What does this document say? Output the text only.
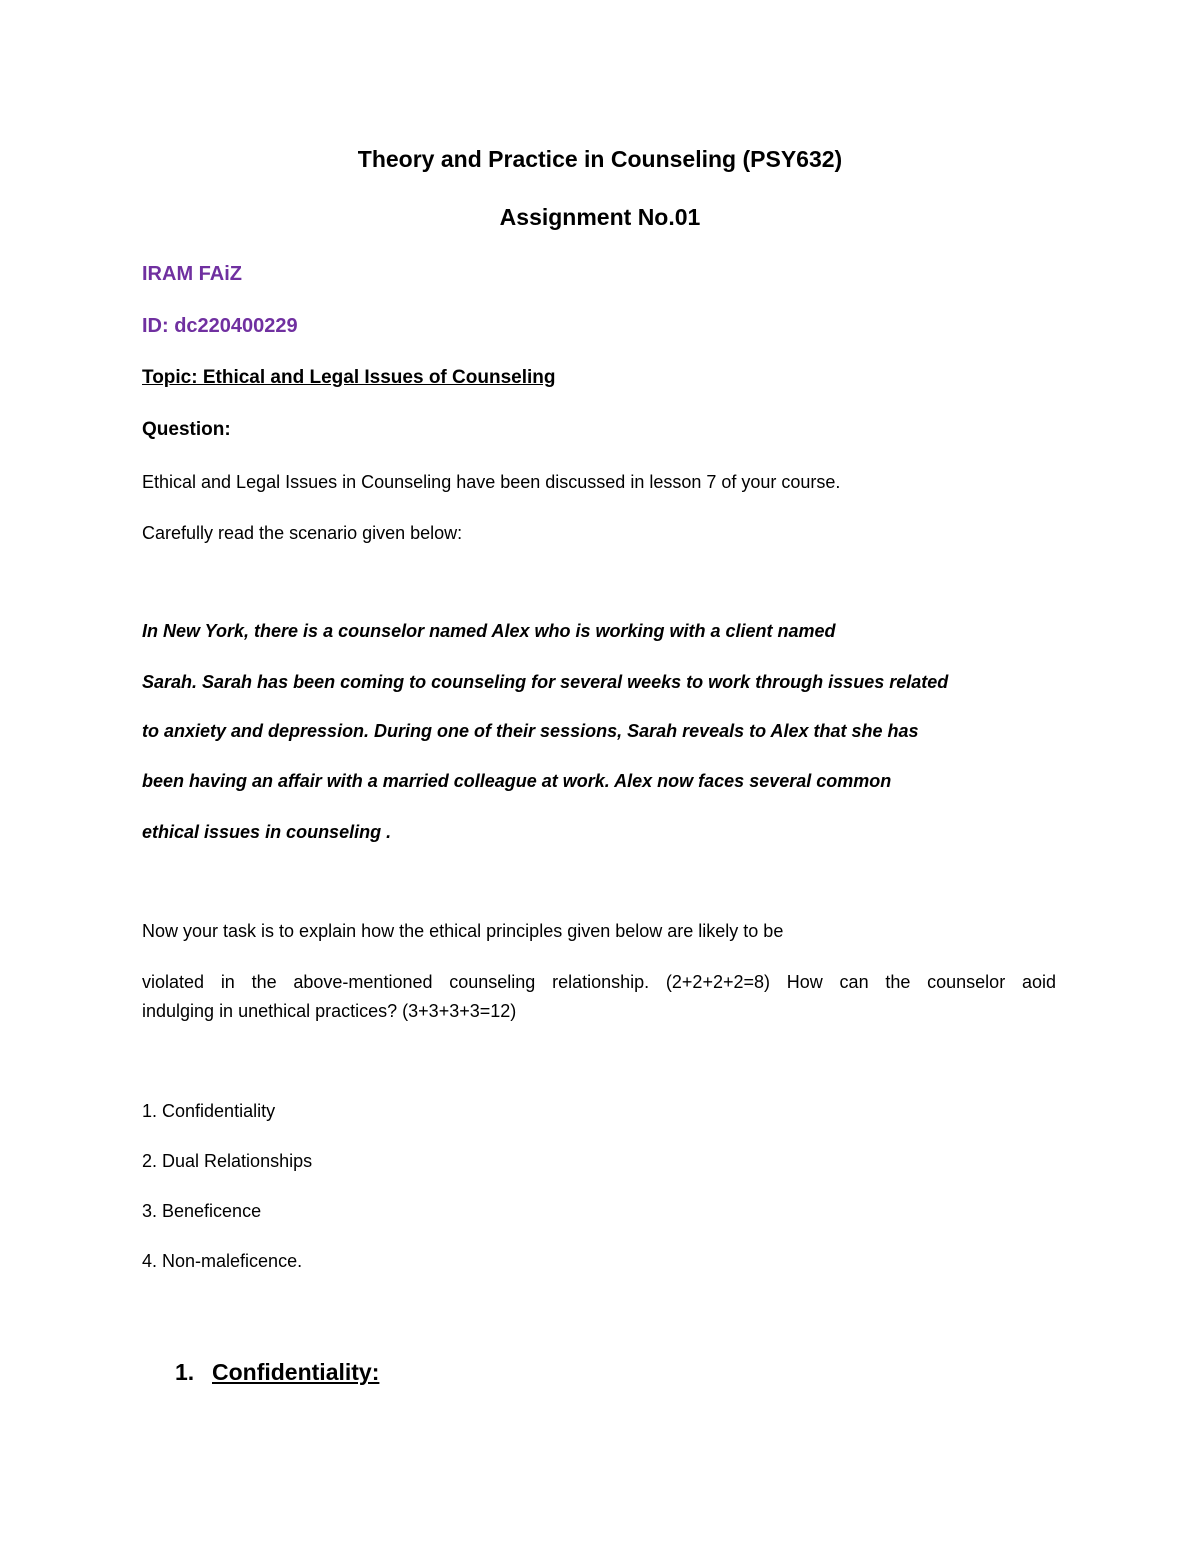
Theory and Practice in Counseling (PSY632)
Assignment No.01
IRAM FAiZ
ID: dc220400229
Topic: Ethical and Legal Issues of Counseling
Question:
Ethical and Legal Issues in Counseling have been discussed in lesson 7 of your course.
Carefully read the scenario given below:
In New York, there is a counselor named Alex who is working with a client named
Sarah. Sarah has been coming to counseling for several weeks to work through issues related
to anxiety and depression. During one of their sessions, Sarah reveals to Alex that she has
been having an affair with a married colleague at work. Alex now faces several common
ethical issues in counseling .
Now your task is to explain how the ethical principles given below are likely to be
violated in the above-mentioned counseling relationship. (2+2+2+2=8) How can the counselor aoid
indulging in unethical practices? (3+3+3+3=12)
1. Confidentiality
2. Dual Relationships
3. Beneficence
4. Non-maleficence.
1. Confidentiality:
